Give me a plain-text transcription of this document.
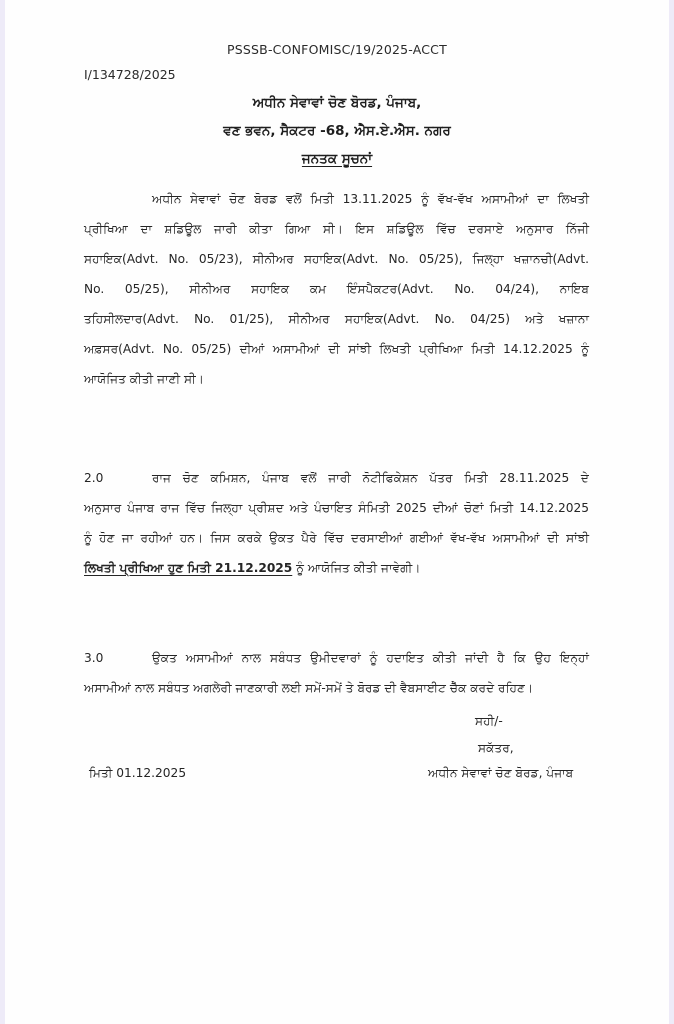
PSSSB-CONFOMISC/19/2025-ACCT
I/134728/2025
ਅਧੀਨ ਸੇਵਾਵਾਂ ਚੋਣ ਬੋਰਡ, ਪੰਜਾਬ,
ਵਣ ਭਵਨ, ਸੈਕਟਰ -68, ਐਸ.ਏ.ਐਸ. ਨਗਰ
ਜਨਤਕ ਸੂਚਨਾਂ
ਅਧੀਨ ਸੇਵਾਵਾਂ ਚੋਣ ਬੋਰਡ ਵਲੋਂ ਮਿਤੀ 13.11.2025 ਨੂੰ ਵੱਖ-ਵੱਖ ਅਸਾਮੀਆਂ ਦਾ ਲਿਖਤੀ
ਪ੍ਰੀਖਿਆ ਦਾ ਸ਼ਡਿਊਲ ਜਾਰੀ ਕੀਤਾ ਗਿਆ ਸੀ। ਇਸ ਸ਼ਡਿਊਲ ਵਿੱਚ ਦਰਸਾਏ ਅਨੁਸਾਰ ਨਿੱਜੀ
ਸਹਾਇਕ(Advt. No. 05/23), ਸੀਨੀਅਰ ਸਹਾਇਕ(Advt. No. 05/25), ਜਿਲ੍ਹਾ ਖਜ਼ਾਨਚੀ(Advt.
No. 05/25), ਸੀਨੀਅਰ ਸਹਾਇਕ ਕਮ ਇੰਸਪੈਕਟਰ(Advt. No. 04/24), ਨਾਇਬ
ਤਹਿਸੀਲਦਾਰ(Advt. No. 01/25), ਸੀਨੀਅਰ ਸਹਾਇਕ(Advt. No. 04/25) ਅਤੇ ਖਜ਼ਾਨਾ
ਅਫ਼ਸਰ(Advt. No. 05/25) ਦੀਆਂ ਅਸਾਮੀਆਂ ਦੀ ਸਾਂਝੀ ਲਿਖਤੀ ਪ੍ਰੀਖਿਆ ਮਿਤੀ 14.12.2025 ਨੂੰ
ਆਯੋਜਿਤ ਕੀਤੀ ਜਾਣੀ ਸੀ।
2.0	ਰਾਜ ਚੋਣ ਕਮਿਸ਼ਨ, ਪੰਜਾਬ ਵਲੋਂ ਜਾਰੀ ਨੋਟੀਫਿਕੇਸ਼ਨ ਪੱਤਰ ਮਿਤੀ 28.11.2025 ਦੇ
ਅਨੁਸਾਰ ਪੰਜਾਬ ਰਾਜ ਵਿੱਚ ਜਿਲ੍ਹਾ ਪ੍ਰੀਸ਼ਦ ਅਤੇ ਪੰਚਾਇਤ ਸੰਮਿਤੀ 2025 ਦੀਆਂ ਚੋਣਾਂ ਮਿਤੀ 14.12.2025
ਨੂੰ ਹੋਣ ਜਾ ਰਹੀਆਂ ਹਨ। ਜਿਸ ਕਰਕੇ ਉਕਤ ਪੈਰੇ ਵਿੱਚ ਦਰਸਾਈਆਂ ਗਈਆਂ ਵੱਖ-ਵੱਖ ਅਸਾਮੀਆਂ ਦੀ ਸਾਂਝੀ
ਲਿਖਤੀ ਪ੍ਰੀਖਿਆ ਹੁਣ ਮਿਤੀ 21.12.2025 ਨੂੰ ਆਯੋਜਿਤ ਕੀਤੀ ਜਾਵੇਗੀ।
3.0	ਉਕਤ ਅਸਾਮੀਆਂ ਨਾਲ ਸਬੰਧਤ ਉਮੀਦਵਾਰਾਂ ਨੂੰ ਹਦਾਇਤ ਕੀਤੀ ਜਾਂਦੀ ਹੈ ਕਿ ਉਹ ਇਨ੍ਹਾਂ
ਅਸਾਮੀਆਂ ਨਾਲ ਸਬੰਧਤ ਅਗਲੇਰੀ ਜਾਣਕਾਰੀ ਲਈ ਸਮੇਂ-ਸਮੇਂ ਤੇ ਬੋਰਡ ਦੀ ਵੈਬਸਾਈਟ ਚੈੱਕ ਕਰਦੇ ਰਹਿਣ।
ਸਹੀ/-
ਸਕੱਤਰ,
ਅਧੀਨ ਸੇਵਾਵਾਂ ਚੋਣ ਬੋਰਡ, ਪੰਜਾਬ
ਮਿਤੀ 01.12.2025
